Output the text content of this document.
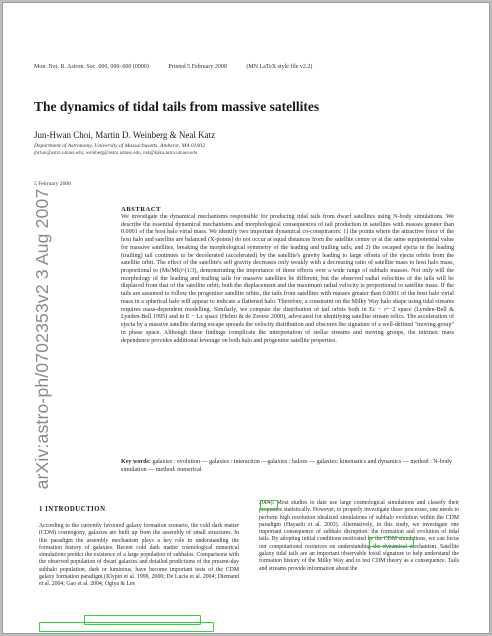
arXiv:astro-ph/0702353v2 3 Aug 2007
Mon. Not. R. Astron. Soc. 000, 000–000 (0000)	Printed 5 February 2008	(MN LaTeX style file v2.2)
The dynamics of tidal tails from massive satellites
Jun-Hwan Choi, Martin D. Weinberg & Neal Katz
Department of Astronomy, University of Massachusetts, Amherst, MA 01003
jhchoi@astro.umass.edu, weinberg@astro.umass.edu, nsk@kaka.astro.umass.edu
5 February 2008
ABSTRACT
We investigate the dynamical mechanisms responsible for producing tidal tails from dwarf satellites using N-body simulations. We describe the essential dynamical mechanisms and morphological consequences of tail production in satellites with masses greater than 0.0001 of the host halo virial mass. We identify two important dynamical co-conspirators: 1) the points where the attractive force of the host halo and satellite are balanced (X-points) do not occur at equal distances from the satellite centre or at the same equipotential value for massive satellites, breaking the morphological symmetry of the leading and trailing tails; and 2) the escaped ejecta in the leading (trailing) tail continues to be decelerated (accelerated) by the satellite's gravity leading to large offsets of the ejecta orbits from the satellite orbit. The effect of the satellite's self gravity decreases only weakly with a decreasing ratio of satellite mass to host halo mass, proportional to (Ms/Mh)^(1/3), demonstrating the importance of these effects over a wide range of subhalo masses. Not only will the morphology of the leading and trailing tails for massive satellites be different, but the observed radial velocities of the tails will be displaced from that of the satellite orbit; both the displacement and the maximum radial velocity is proportional to satellite mass. If the tails are assumed to follow the progenitor satellite orbits, the tails from satellites with masses greater than 0.0001 of the host halo virial mass in a spherical halo will appear to indicate a flattened halo. Therefore, a constraint on the Milky Way halo shape using tidal streams requires mass-dependent modelling. Similarly, we compute the distribution of tail orbits both in Ec − r^−2 space (Lynden-Bell & Lynden-Bell 1995) and in E − Lz space (Helmi & de Zeeuw 2000), advocated for identifying satellite stream relics. The acceleration of ejecta by a massive satellite during escape spreads the velocity distribution and obscures the signature of a well-defined "moving group" in phase space. Although these findings complicate the interpretation of stellar streams and moving groups, the intrinsic mass dependence provides additional leverage on both halo and progenitor satellite properties.
Key words: galaxies : evolution — galaxies : interaction —galaxies : haloes — galaxies: kinematics and dynamics — method : N-body simulation — method: numerical
1 INTRODUCTION
According to the currently favoured galaxy formation scenario, the cold dark matter (CDM) cosmogony, galaxies are built up from the assembly of small structures. In this paradigm the assembly mechanism plays a key role in understanding the formation history of galaxies. Recent cold dark matter cosmological numerical simulations predict the existence of a large population of subhalos. Comparisons with the observed population of dwarf galaxies and detailed predictions of the present-day subhalo population, dark or luminous, have become important tests of the CDM galaxy formation paradigm (Klypin et al. 1999, 2000; De Lucia et al. 2004; Diemand et al. 2004; Gao et al. 2004; Ogiya & Lee
2004). Most studies to date use large cosmological simulations and classify their properties statistically. However, to properly investigate these processes, one needs to perform high resolution idealized simulations of subhalo evolution within the CDM paradigm (Hayashi et al. 2003). Alternatively, in this study, we investigate one important consequence of subhalo disruption: the formation and evolution of tidal tails. By adopting initial conditions motivated by the CDM simulations, we can focus our computational resources on understanding the dynamical mechanism. Satellite galaxy tidal tails are an important observable fossil signature to help understand the formation history of the Milky Way and to test CDM theory as a consequence. Tails and streams provide information about the
